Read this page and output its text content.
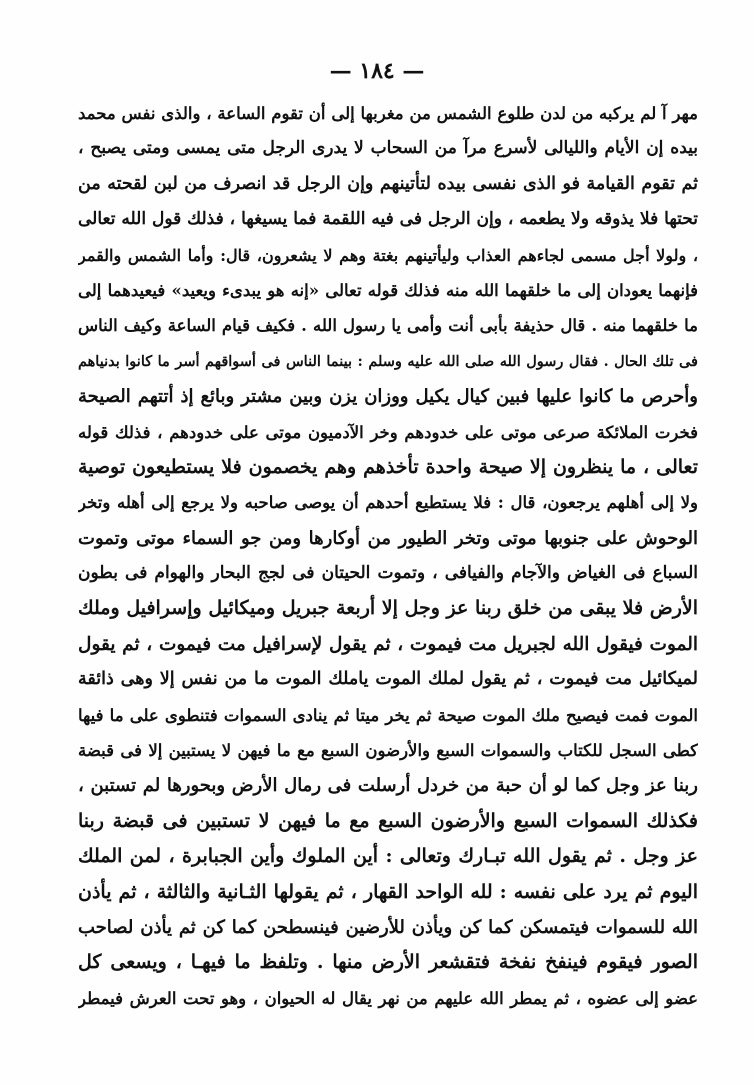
— ١٨٤ —
مهر آ لم يركبه من لدن طلوع الشمس من مغربها إلى أن تقوم الساعة ، والذى نفس محمد
بيده إن الأيام والليالى لأسرع مرآ من السحاب لا يدرى الرجل متى يمسى ومتى يصبح ،
ثم تقوم القيامة فو الذى نفسى بيده لتأتينهم وإن الرجل قد انصرف من لبن لقحته من
تحتها فلا يذوقه ولا يطعمه ، وإن الرجل فى فيه اللقمة فما يسيغها ، فذلك قول الله تعالى
، ولولا أجل مسمى لجاءهم العذاب وليأتينهم بغتة وهم لا يشعرون، قال: وأما الشمس والقمر
فإنهما يعودان إلى ما خلقهما الله منه فذلك قوله تعالى «إنه هو يبدىء ويعيد» فيعيدهما إلى
ما خلقهما منه . قال حذيفة بأبى أنت وأمى يا رسول الله . فكيف قيام الساعة وكيف الناس
فى تلك الحال . فقال رسول الله صلى الله عليه وسلم : بينما الناس فى أسواقهم أسر ما كانوا بدنياهم
وأحرص ما كانوا عليها فبين كيال يكيل ووزان يزن وبين مشتر وبائع إذ أتتهم الصيحة
فخرت الملائكة صرعى موتى على خدودهم وخر الآدميون موتى على خدودهم ، فذلك قوله
تعالى ، ما ينظرون إلا صيحة واحدة تأخذهم وهم يخصمون فلا يستطيعون توصية
ولا إلى أهلهم يرجعون، قال : فلا يستطيع أحدهم أن يوصى صاحبه ولا يرجع إلى أهله وتخر
الوحوش على جنوبها موتى وتخر الطيور من أوكارها ومن جو السماء موتى وتموت
السباع فى الغياض والآجام والفيافى ، وتموت الحيتان فى لجج البحار والهوام فى بطون
الأرض فلا يبقى من خلق ربنا عز وجل إلا أربعة جبريل وميكائيل وإسرافيل وملك
الموت فيقول الله لجبريل مت فيموت ، ثم يقول لإسرافيل مت فيموت ، ثم يقول
لميكائيل مت فيموت ، ثم يقول لملك الموت ياملك الموت ما من نفس إلا وهى ذائقة
الموت فمت فيصيح ملك الموت صيحة ثم يخر ميتا ثم ينادى السموات فتنطوى على ما فيها
كطى السجل للكتاب والسموات السبع والأرضون السبع مع ما فيهن لا يستبين إلا فى قبضة
ربنا عز وجل كما لو أن حبة من خردل أرسلت فى رمال الأرض وبحورها لم تستبن ،
فكذلك السموات السبع والأرضون السبع مع ما فيهن لا تستبين فى قبضة ربنا
عز وجل . ثم يقول الله تبـارك وتعالى : أين الملوك وأين الجبابرة ، لمن الملك
اليوم ثم يرد على نفسه : لله الواحد القهار ، ثم يقولها الثـانية والثالثة ، ثم يأذن
الله للسموات فيتمسكن كما كن ويأذن للأرضين فينسطحن كما كن ثم يأذن لصاحب
الصور فيقوم فينفخ نفخة فتقشعر الأرض منها . وتلفظ ما فيهـا ، ويسعى كل
عضو إلى عضوه ، ثم يمطر الله عليهم من نهر يقال له الحيوان ، وهو تحت العرش فيمطر
